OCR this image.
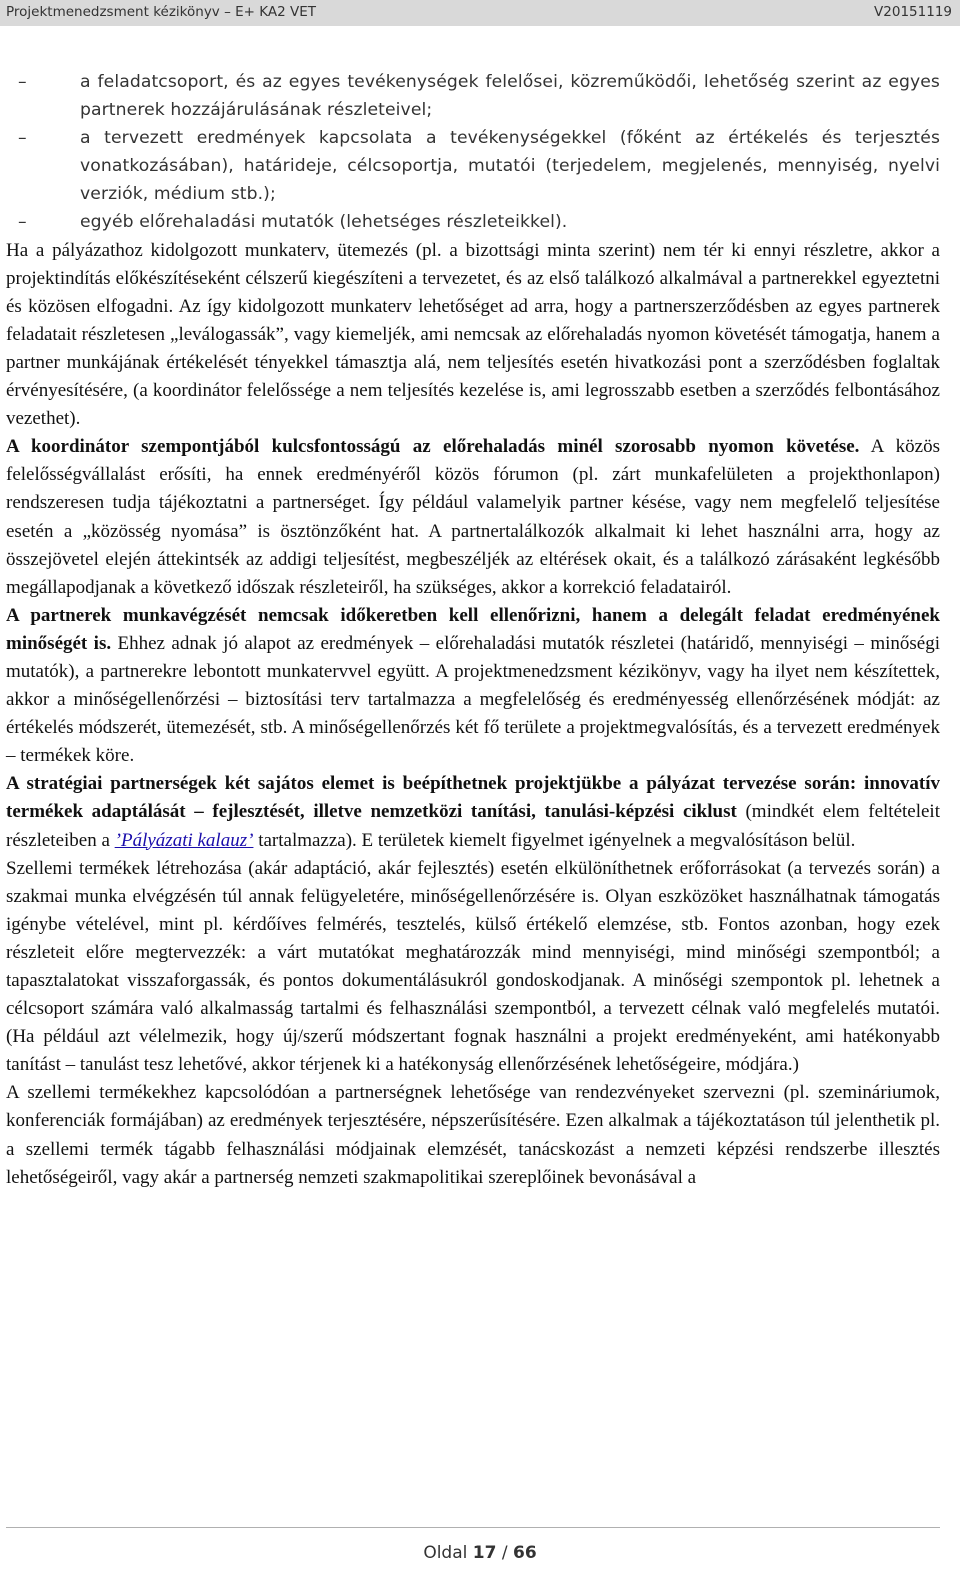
Projektmenedzsment kézikönyv – E+ KA2 VET	V20151119
–	a feladatcsoport, és az egyes tevékenységek felelősei, közreműködői, lehetőség szerint az egyes partnerek hozzájárulásának részleteivel;
–	a tervezett eredmények kapcsolata a tevékenységekkel (főként az értékelés és terjesztés vonatkozásában), határideje, célcsoportja, mutatói (terjedelem, megjelenés, mennyiség, nyelvi verziók, médium stb.);
–	egyéb előrehaladási mutatók (lehetséges részleteikkel).

Ha a pályázathoz kidolgozott munkaterv, ütemezés (pl. a bizottsági minta szerint) nem tér ki ennyi részletre, akkor a projektindítás előkészítéseként célszerű kiegészíteni a tervezetet, és az első találkozó alkalmával a partnerekkel egyeztetni és közösen elfogadni. Az így kidolgozott munkaterv lehetőséget ad arra, hogy a partnerszerződésben az egyes partnerek feladatait részletesen „leválogassák”, vagy kiemeljék, ami nemcsak az előrehaladás nyomon követését támogatja, hanem a partner munkájának értékelését tényekkel támasztja alá, nem teljesítés esetén hivatkozási pont a szerződésben foglaltak érvényesítésére, (a koordinátor felelőssége a nem teljesítés kezelése is, ami legrosszabb esetben a szerződés felbontásához vezethet).

A koordinátor szempontjából kulcsfontosságú az előrehaladás minél szorosabb nyomon követése. A közös felelősségvállalást erősíti, ha ennek eredményéről közös fórumon (pl. zárt munkafelületen a projekthonlapon) rendszeresen tudja tájékoztatni a partnerséget. Így például valamelyik partner késése, vagy nem megfelelő teljesítése esetén a „közösség nyomása” is ösztönzőként hat. A partnertalálkozók alkalmait ki lehet használni arra, hogy az összejövetel elején áttekintsék az addigi teljesítést, megbeszéljék az eltérések okait, és a találkozó zárásaként legkésőbb megállapodjanak a következő időszak részleteiről, ha szükséges, akkor a korrekció feladatairól.

A partnerek munkavégzését nemcsak időkeretben kell ellenőrizni, hanem a delegált feladat eredményének minőségét is. Ehhez adnak jó alapot az eredmények – előrehaladási mutatók részletei (határidő, mennyiségi – minőségi mutatók), a partnerekre lebontott munkatervvel együtt. A projektmenedzsment kézikönyv, vagy ha ilyet nem készítettek, akkor a minőségellenőrzési – biztosítási terv tartalmazza a megfelelőség és eredményesség ellenőrzésének módját: az értékelés módszerét, ütemezését, stb. A minőségellenőrzés két fő területe a projektmegvalósítás, és a tervezett eredmények – termékek köre.

A stratégiai partnerségek két sajátos elemet is beépíthetnek projektjükbe a pályázat tervezése során: innovatív termékek adaptálását – fejlesztését, illetve nemzetközi tanítási, tanulási-képzési ciklust (mindkét elem feltételeit részleteiben a ’Pályázati kalauz’ tartalmazza). E területek kiemelt figyelmet igényelnek a megvalósításon belül.

Szellemi termékek létrehozása (akár adaptáció, akár fejlesztés) esetén elkülöníthetnek erőforrásokat (a tervezés során) a szakmai munka elvégzésén túl annak felügyeletére, minőségellenőrzésére is. Olyan eszközöket használhatnak támogatás igénybe vételével, mint pl. kérdőíves felmérés, tesztelés, külső értékelő elemzése, stb. Fontos azonban, hogy ezek részleteit előre megtervezzék: a várt mutatókat meghatározzák mind mennyiségi, mind minőségi szempontból; a tapasztalatokat visszaforgassák, és pontos dokumentálásukról gondoskodjanak. A minőségi szempontok pl. lehetnek a célcsoport számára való alkalmasság tartalmi és felhasználási szempontból, a tervezett célnak való megfelelés mutatói. (Ha például azt vélelmezik, hogy új/szerű módszertant fognak használni a projekt eredményeként, ami hatékonyabb tanítást – tanulást tesz lehetővé, akkor térjenek ki a hatékonyság ellenőrzésének lehetőségeire, módjára.)

A szellemi termékekhez kapcsolódóan a partnerségnek lehetősége van rendezvényeket szervezni (pl. szemináriumok, konferenciák formájában) az eredmények terjesztésére, népszerűsítésére. Ezen alkalmak a tájékoztatáson túl jelenthetik pl. a szellemi termék tágabb felhasználási módjainak elemzését, tanácskozást a nemzeti képzési rendszerbe illesztés lehetőségeiről, vagy akár a partnerség nemzeti szakmapolitikai szereplőinek bevonásával a

Oldal 17 / 66
